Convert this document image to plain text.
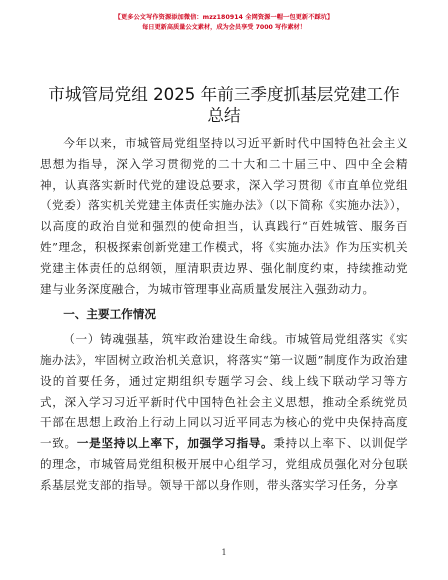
【更多公文写作资源添加微信：mzz180914 全网资源一帽一包更新不踩坑】
每日更新高质量公文素材，成为会员享受 7000 写作素材！
市城管局党组 2025 年前三季度抓基层党建工作总结

今年以来，市城管局党组坚持以习近平新时代中国特色社会主义思想为指导，深入学习贯彻党的二十大和二十届三中、四中全会精神，认真落实新时代党的建设总要求，深入学习贯彻《市直单位党组（党委）落实机关党建主体责任实施办法》（以下简称《实施办法》），以高度的政治自觉和强烈的使命担当，认真践行“百姓城管、服务百姓”理念，积极探索创新党建工作模式，将《实施办法》作为压实机关党建主体责任的总纲领，厘清职责边界、强化制度约束，持续推动党建与业务深度融合，为城市管理事业高质量发展注入强劲动力。

一、主要工作情况

（一）铸魂强基，筑牢政治建设生命线。市城管局党组落实《实施办法》，牢固树立政治机关意识，将落实“第一议题”制度作为政治建设的首要任务，通过定期组织专题学习会、线上线下联动学习等方式，深入学习习近平新时代中国特色社会主义思想，推动全系统党员干部在思想上政治上行动上同以习近平同志为核心的党中央保持高度一致。一是坚持以上率下，加强学习指导。秉持以上率下、以训促学的理念，市城管局党组积极开展中心组学习，党组成员强化对分包联系基层党支部的指导。领导干部以身作则，带头落实学习任务，分享

1
